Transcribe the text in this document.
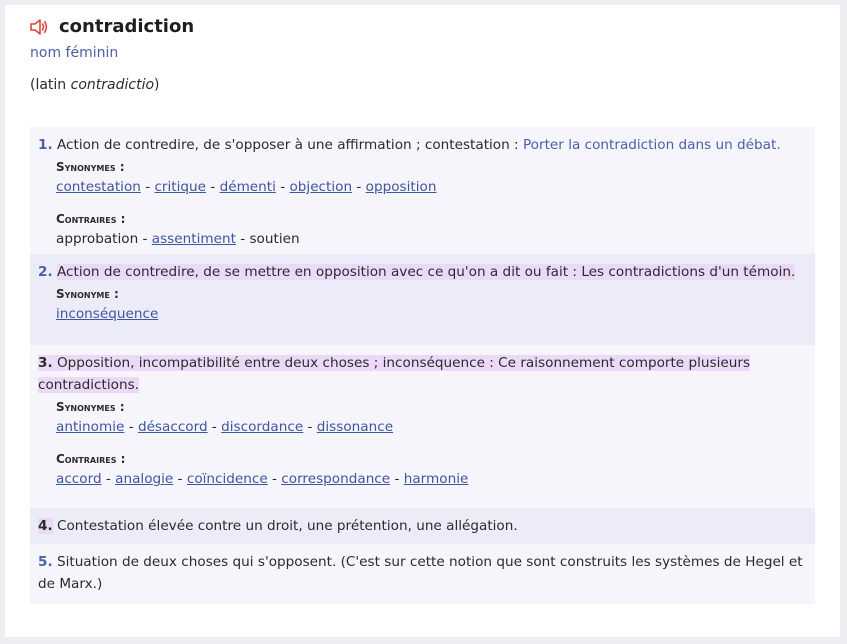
contradiction
nom féminin
(latin contradictio)
1. Action de contredire, de s'opposer à une affirmation ; contestation : Porter la contradiction dans un débat.
Synonymes :
contestation - critique - démenti - objection - opposition
Contraires :
approbation - assentiment - soutien
2. Action de contredire, de se mettre en opposition avec ce qu'on a dit ou fait : Les contradictions d'un témoin.
Synonyme :
inconséquence
3. Opposition, incompatibilité entre deux choses ; inconséquence : Ce raisonnement comporte plusieurs
contradictions.
Synonymes :
antinomie - désaccord - discordance - dissonance
Contraires :
accord - analogie - coïncidence - correspondance - harmonie
4. Contestation élevée contre un droit, une prétention, une allégation.
5. Situation de deux choses qui s'opposent. (C'est sur cette notion que sont construits les systèmes de Hegel et de Marx.)
